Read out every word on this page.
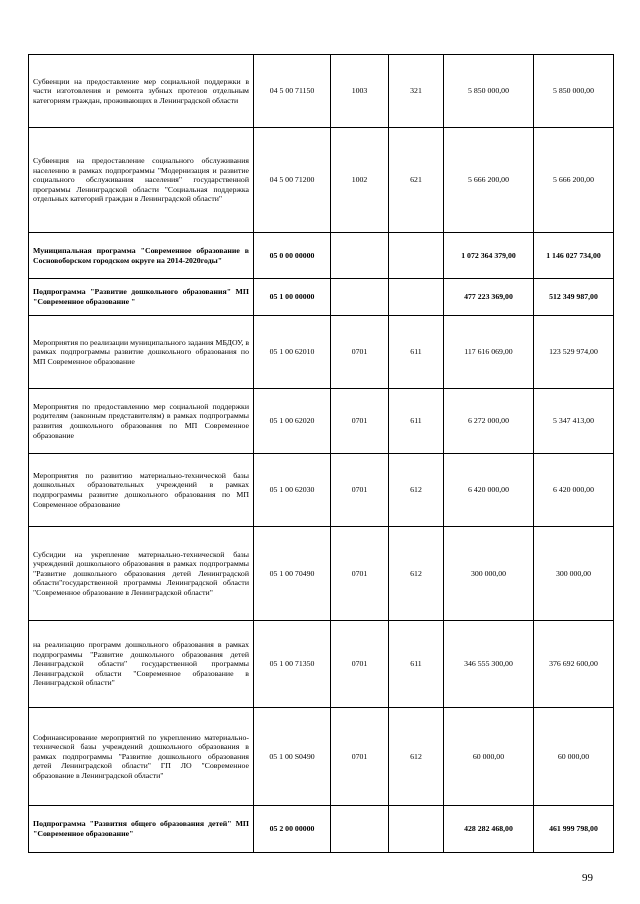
Субвенции на предоставление мер социальной поддержки в части изготовления и ремонта зубных протезов отдельным категориям граждан, проживающих в Ленинградской области	04 5 00 71150	1003	321	5 850 000,00	5 850 000,00
Субвенция на предоставление социального обслуживания населению в рамках подпрограммы "Модернизация и развитие социального обслуживания населения" государственной программы Ленинградской области "Социальная поддержка отдельных категорий граждан в Ленинградской области"	04 5 00 71200	1002	621	5 666 200,00	5 666 200,00
Муниципальная программа "Современное образование в Сосновоборском городском округе на 2014-2020годы"	05 0 00 00000			1 072 364 379,00	1 146 027 734,00
Подпрограмма "Развитие дошкольного образования" МП "Современное образование "	05 1 00 00000			477 223 369,00	512 349 987,00
Мероприятия по реализации муниципального задания МБДОУ, в рамках подпрограммы развитие дошкольного образования по МП Современное образование	05 1 00 62010	0701	611	117 616 069,00	123 529 974,00
Мероприятия по предоставлению мер социальной поддержки родителям (законным представителям) в рамках подпрограммы развития дошкольного образования по МП Современное образование	05 1 00 62020	0701	611	6 272 000,00	5 347 413,00
Мероприятия по развитию материально-технической базы дошкольных образовательных учреждений в рамках подпрограммы развитие дошкольного образования по МП Современное образование	05 1 00 62030	0701	612	6 420 000,00	6 420 000,00
Субсидии на укрепление материально-технической базы учреждений дошкольного образования в рамках подпрограммы "Развитие дошкольного образования детей Ленинградской области"государственной программы Ленинградской области "Современное образование в Ленинградской области"	05 1 00 70490	0701	612	300 000,00	300 000,00
на реализацию программ дошкольного образования в рамках подпрограммы "Развитие дошкольного образования детей Ленинградской области" государственной программы Ленинградской области "Современное образование в Ленинградской области"	05 1 00 71350	0701	611	346 555 300,00	376 692 600,00
Софинансирование мероприятий по укреплению материально-технической базы учреждений дошкольного образования в рамках подпрограммы "Развитие дошкольного образования детей Ленинградской области" ГП ЛО "Современное образование в Ленинградской области"	05 1 00 S0490	0701	612	60 000,00	60 000,00
Подпрограмма "Развития общего образования детей" МП "Современное образование"	05 2 00 00000			428 282 468,00	461 999 798,00
99
